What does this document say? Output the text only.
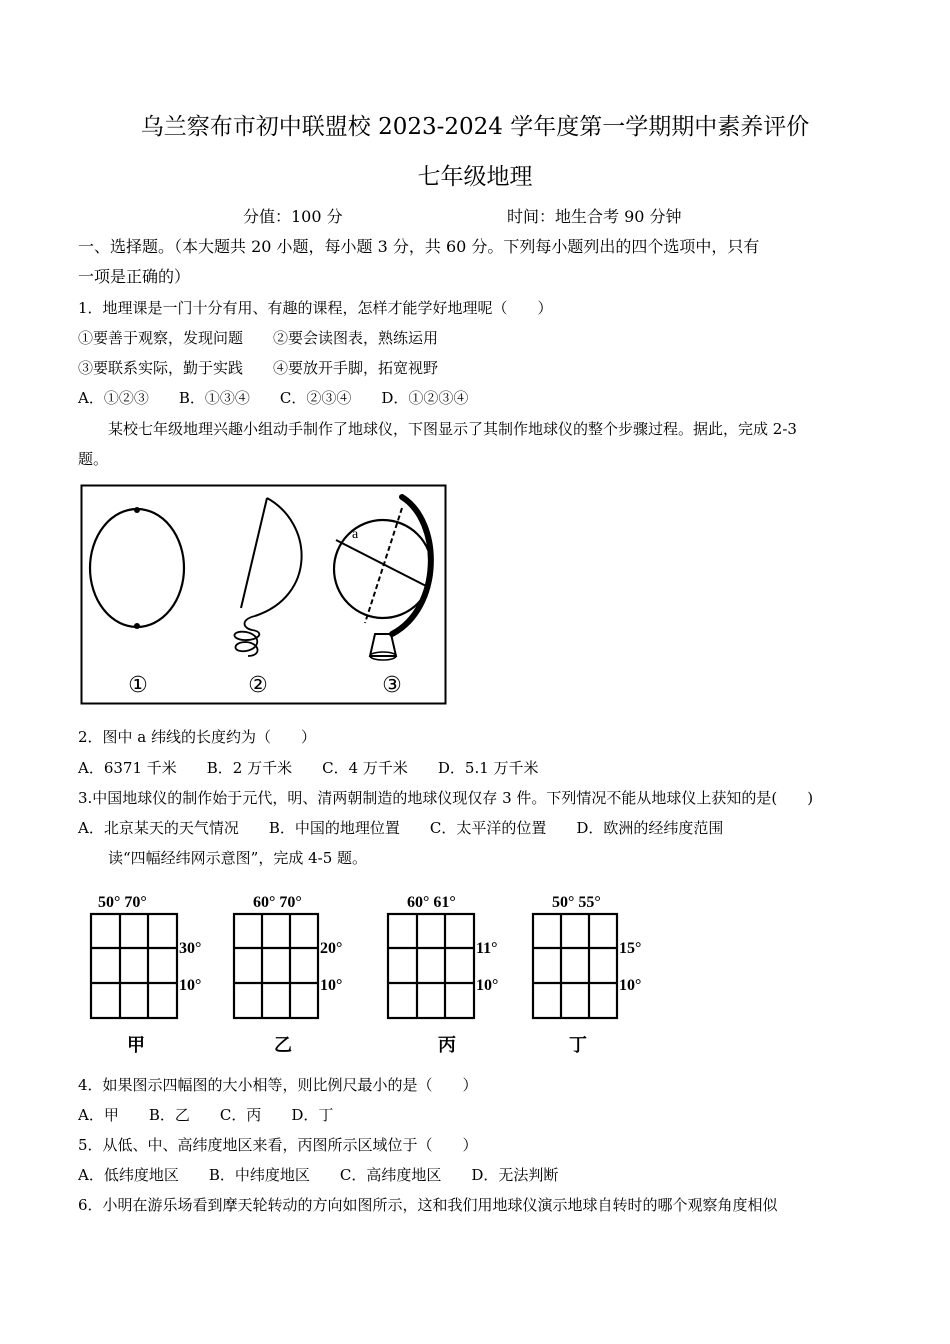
乌兰察布市初中联盟校 2023-2024 学年度第一学期期中素养评价
七年级地理
分值：100 分	时间：地生合考 90 分钟
一、选择题。（本大题共 20 小题，每小题 3 分，共 60 分。下列每小题列出的四个选项中，只有
一项是正确的）
1．地理课是一门十分有用、有趣的课程，怎样才能学好地理呢（　　）
①要善于观察，发现问题　　②要会读图表，熟练运用
③要联系实际，勤于实践　　④要放开手脚，拓宽视野
A．①②③　　B．①③④　　C．②③④　　D．①②③④
某校七年级地理兴趣小组动手制作了地球仪，下图显示了其制作地球仪的整个步骤过程。据此，完成 2-3
题。
a
①	②	③
2．图中 a 纬线的长度约为（　　）
A．6371 千米　　B．2 万千米　　C．4 万千米　　D．5.1 万千米
3.中国地球仪的制作始于元代，明、清两朝制造的地球仪现仅存 3 件。下列情况不能从地球仪上获知的是(　　)
A．北京某天的天气情况　　B．中国的地理位置　　C．太平洋的位置　　D．欧洲的经纬度范围
读“四幅经纬网示意图”，完成 4-5 题。
50° 70°
30°
10°
甲
60° 70°
20°
10°
乙
60° 61°
11°
10°
丙
50° 55°
15°
10°
丁
4．如果图示四幅图的大小相等，则比例尺最小的是（　　）
A．甲　　B．乙　　C．丙　　D．丁
5．从低、中、高纬度地区来看，丙图所示区域位于（　　）
A．低纬度地区　　B．中纬度地区　　C．高纬度地区　　D．无法判断
6．小明在游乐场看到摩天轮转动的方向如图所示，这和我们用地球仪演示地球自转时的哪个观察角度相似
